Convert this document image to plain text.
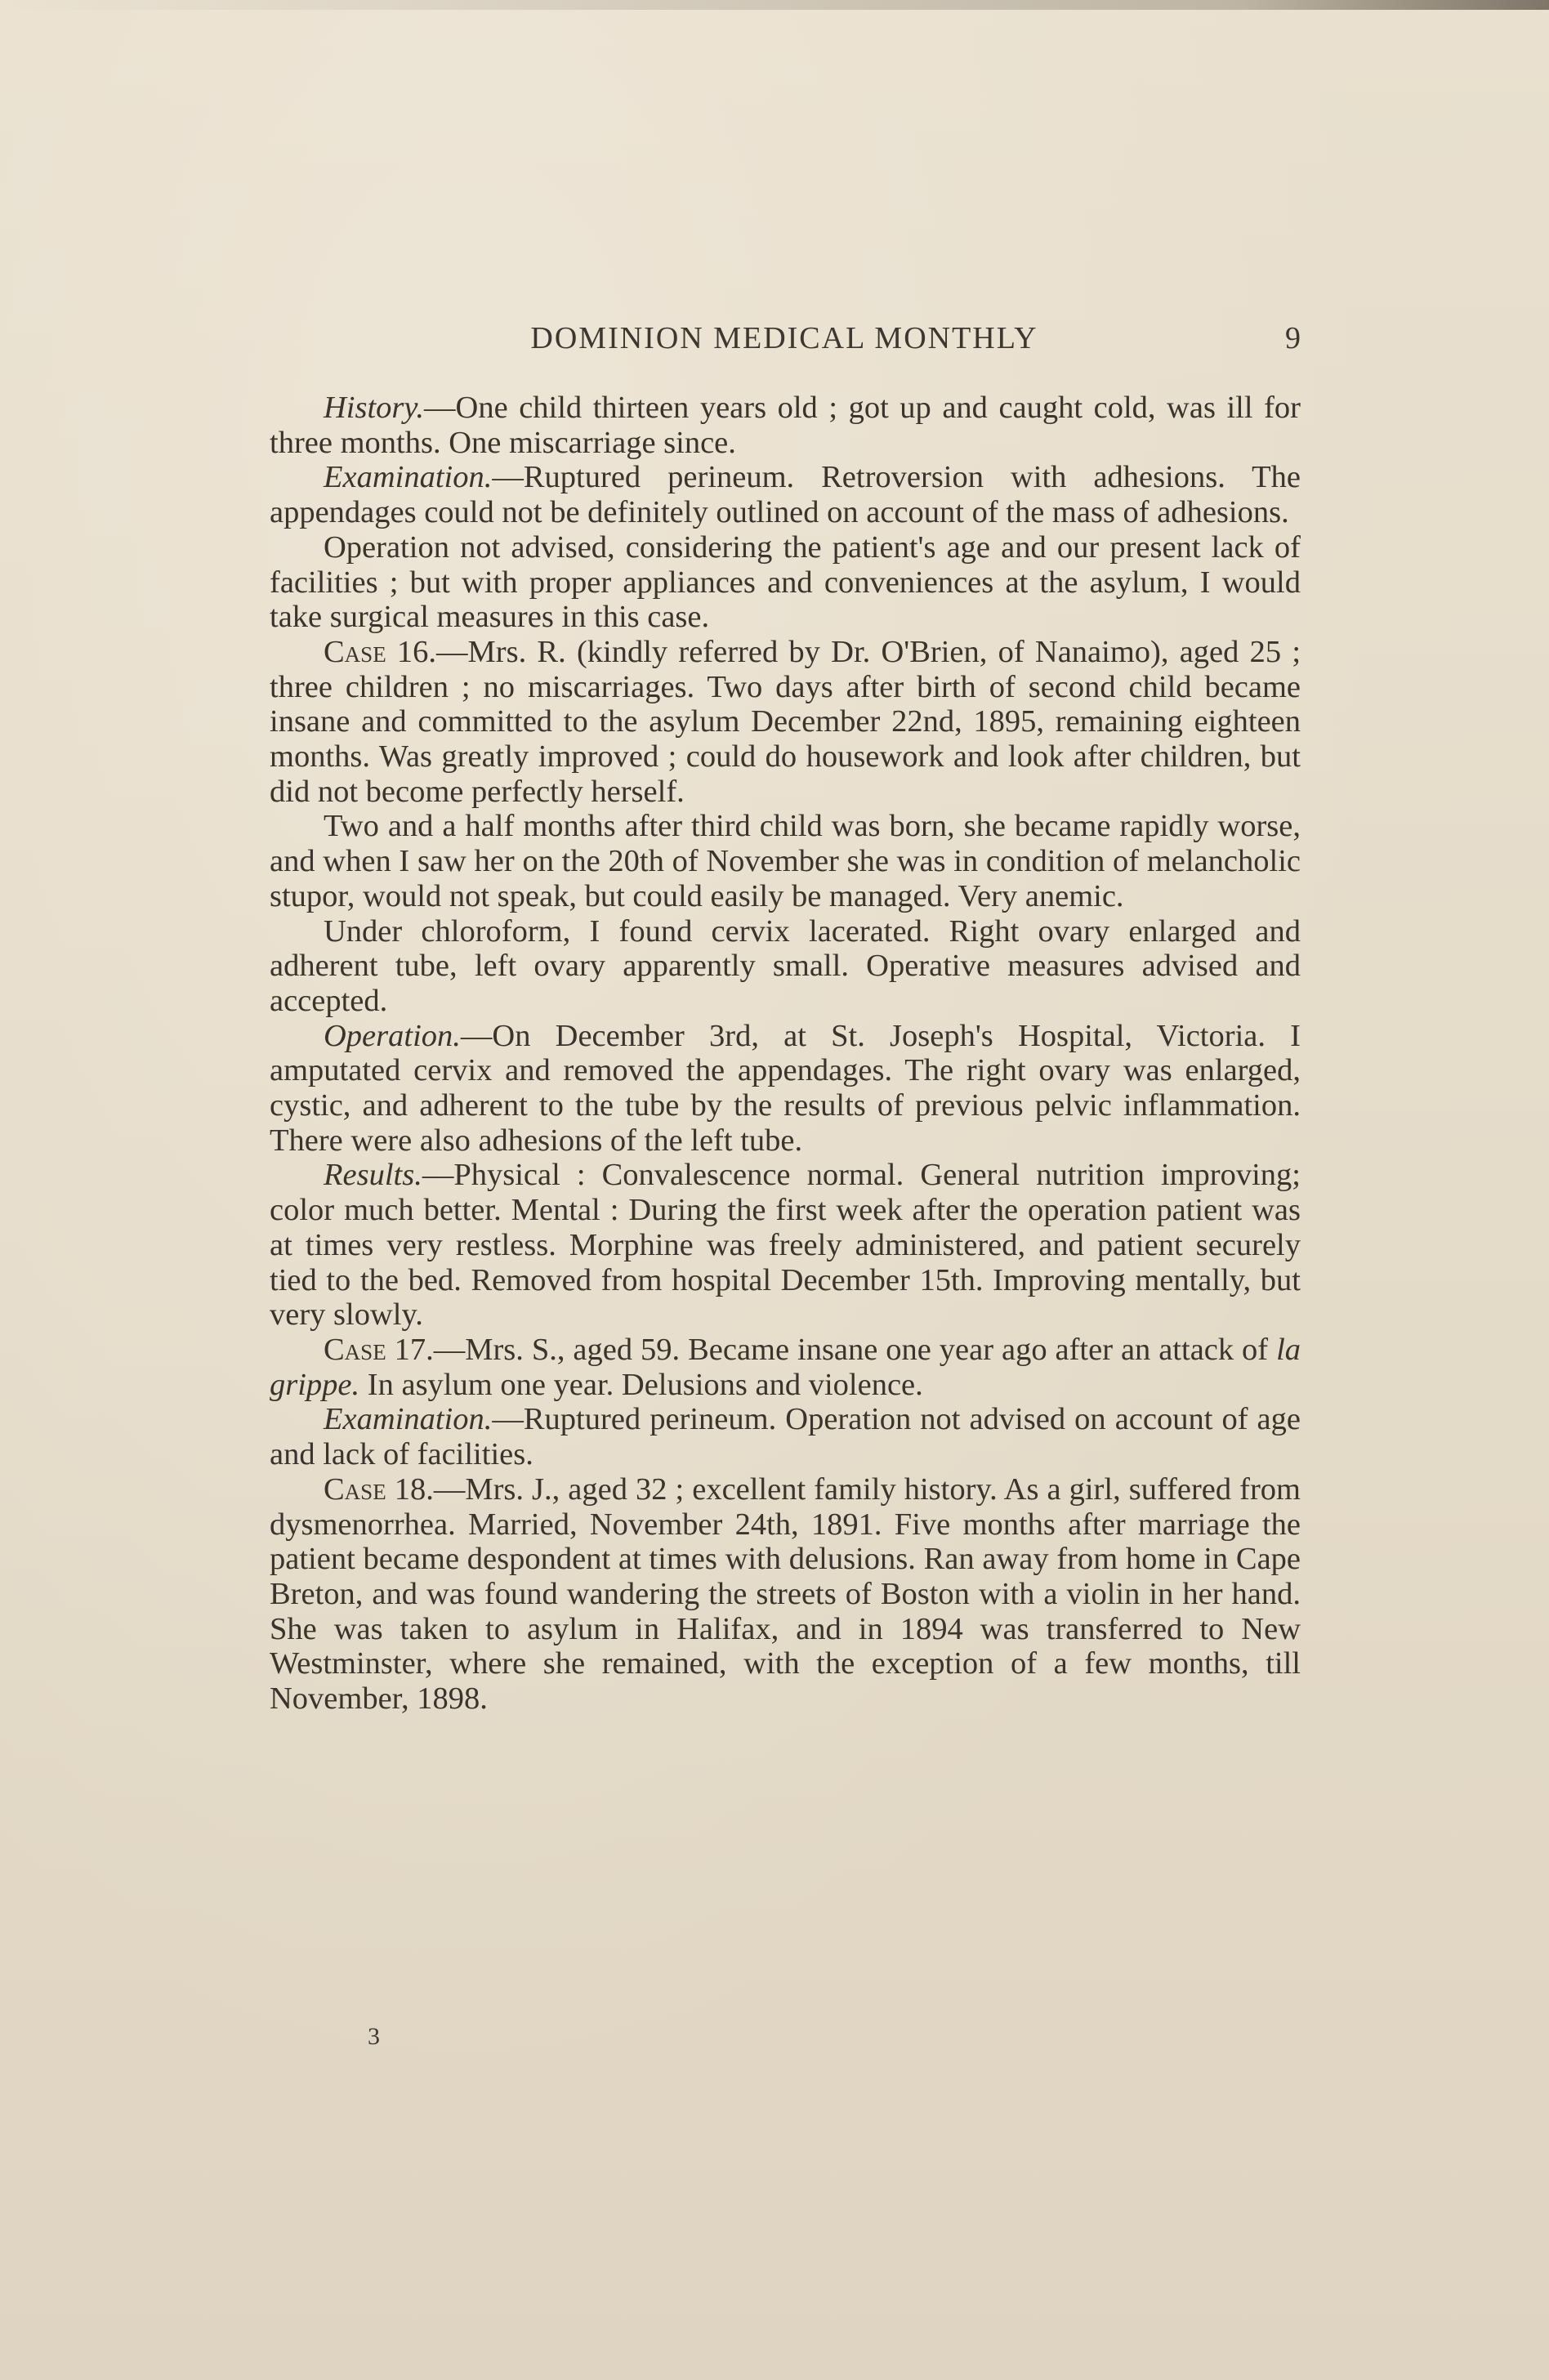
DOMINION MEDICAL MONTHLY	9

History.—One child thirteen years old ; got up and caught cold, was ill for three months. One miscarriage since.

Examination.—Ruptured perineum. Retroversion with adhesions. The appendages could not be definitely outlined on account of the mass of adhesions.

Operation not advised, considering the patient's age and our present lack of facilities ; but with proper appliances and conveniences at the asylum, I would take surgical measures in this case.

Case 16.—Mrs. R. (kindly referred by Dr. O'Brien, of Nanaimo), aged 25 ; three children ; no miscarriages. Two days after birth of second child became insane and committed to the asylum December 22nd, 1895, remaining eighteen months. Was greatly improved ; could do housework and look after children, but did not become perfectly herself.

Two and a half months after third child was born, she became rapidly worse, and when I saw her on the 20th of November she was in condition of melancholic stupor, would not speak, but could easily be managed. Very anemic.

Under chloroform, I found cervix lacerated. Right ovary enlarged and adherent tube, left ovary apparently small. Operative measures advised and accepted.

Operation.—On December 3rd, at St. Joseph's Hospital, Victoria. I amputated cervix and removed the appendages. The right ovary was enlarged, cystic, and adherent to the tube by the results of previous pelvic inflammation. There were also adhesions of the left tube.

Results.—Physical : Convalescence normal. General nutrition improving; color much better. Mental : During the first week after the operation patient was at times very restless. Morphine was freely administered, and patient securely tied to the bed. Removed from hospital December 15th. Improving mentally, but very slowly.

Case 17.—Mrs. S., aged 59. Became insane one year ago after an attack of la grippe. In asylum one year. Delusions and violence.

Examination.—Ruptured perineum. Operation not advised on account of age and lack of facilities.

Case 18.—Mrs. J., aged 32 ; excellent family history. As a girl, suffered from dysmenorrhea. Married, November 24th, 1891. Five months after marriage the patient became despondent at times with delusions. Ran away from home in Cape Breton, and was found wandering the streets of Boston with a violin in her hand. She was taken to asylum in Halifax, and in 1894 was transferred to New Westminster, where she remained, with the exception of a few months, till November, 1898.

3
